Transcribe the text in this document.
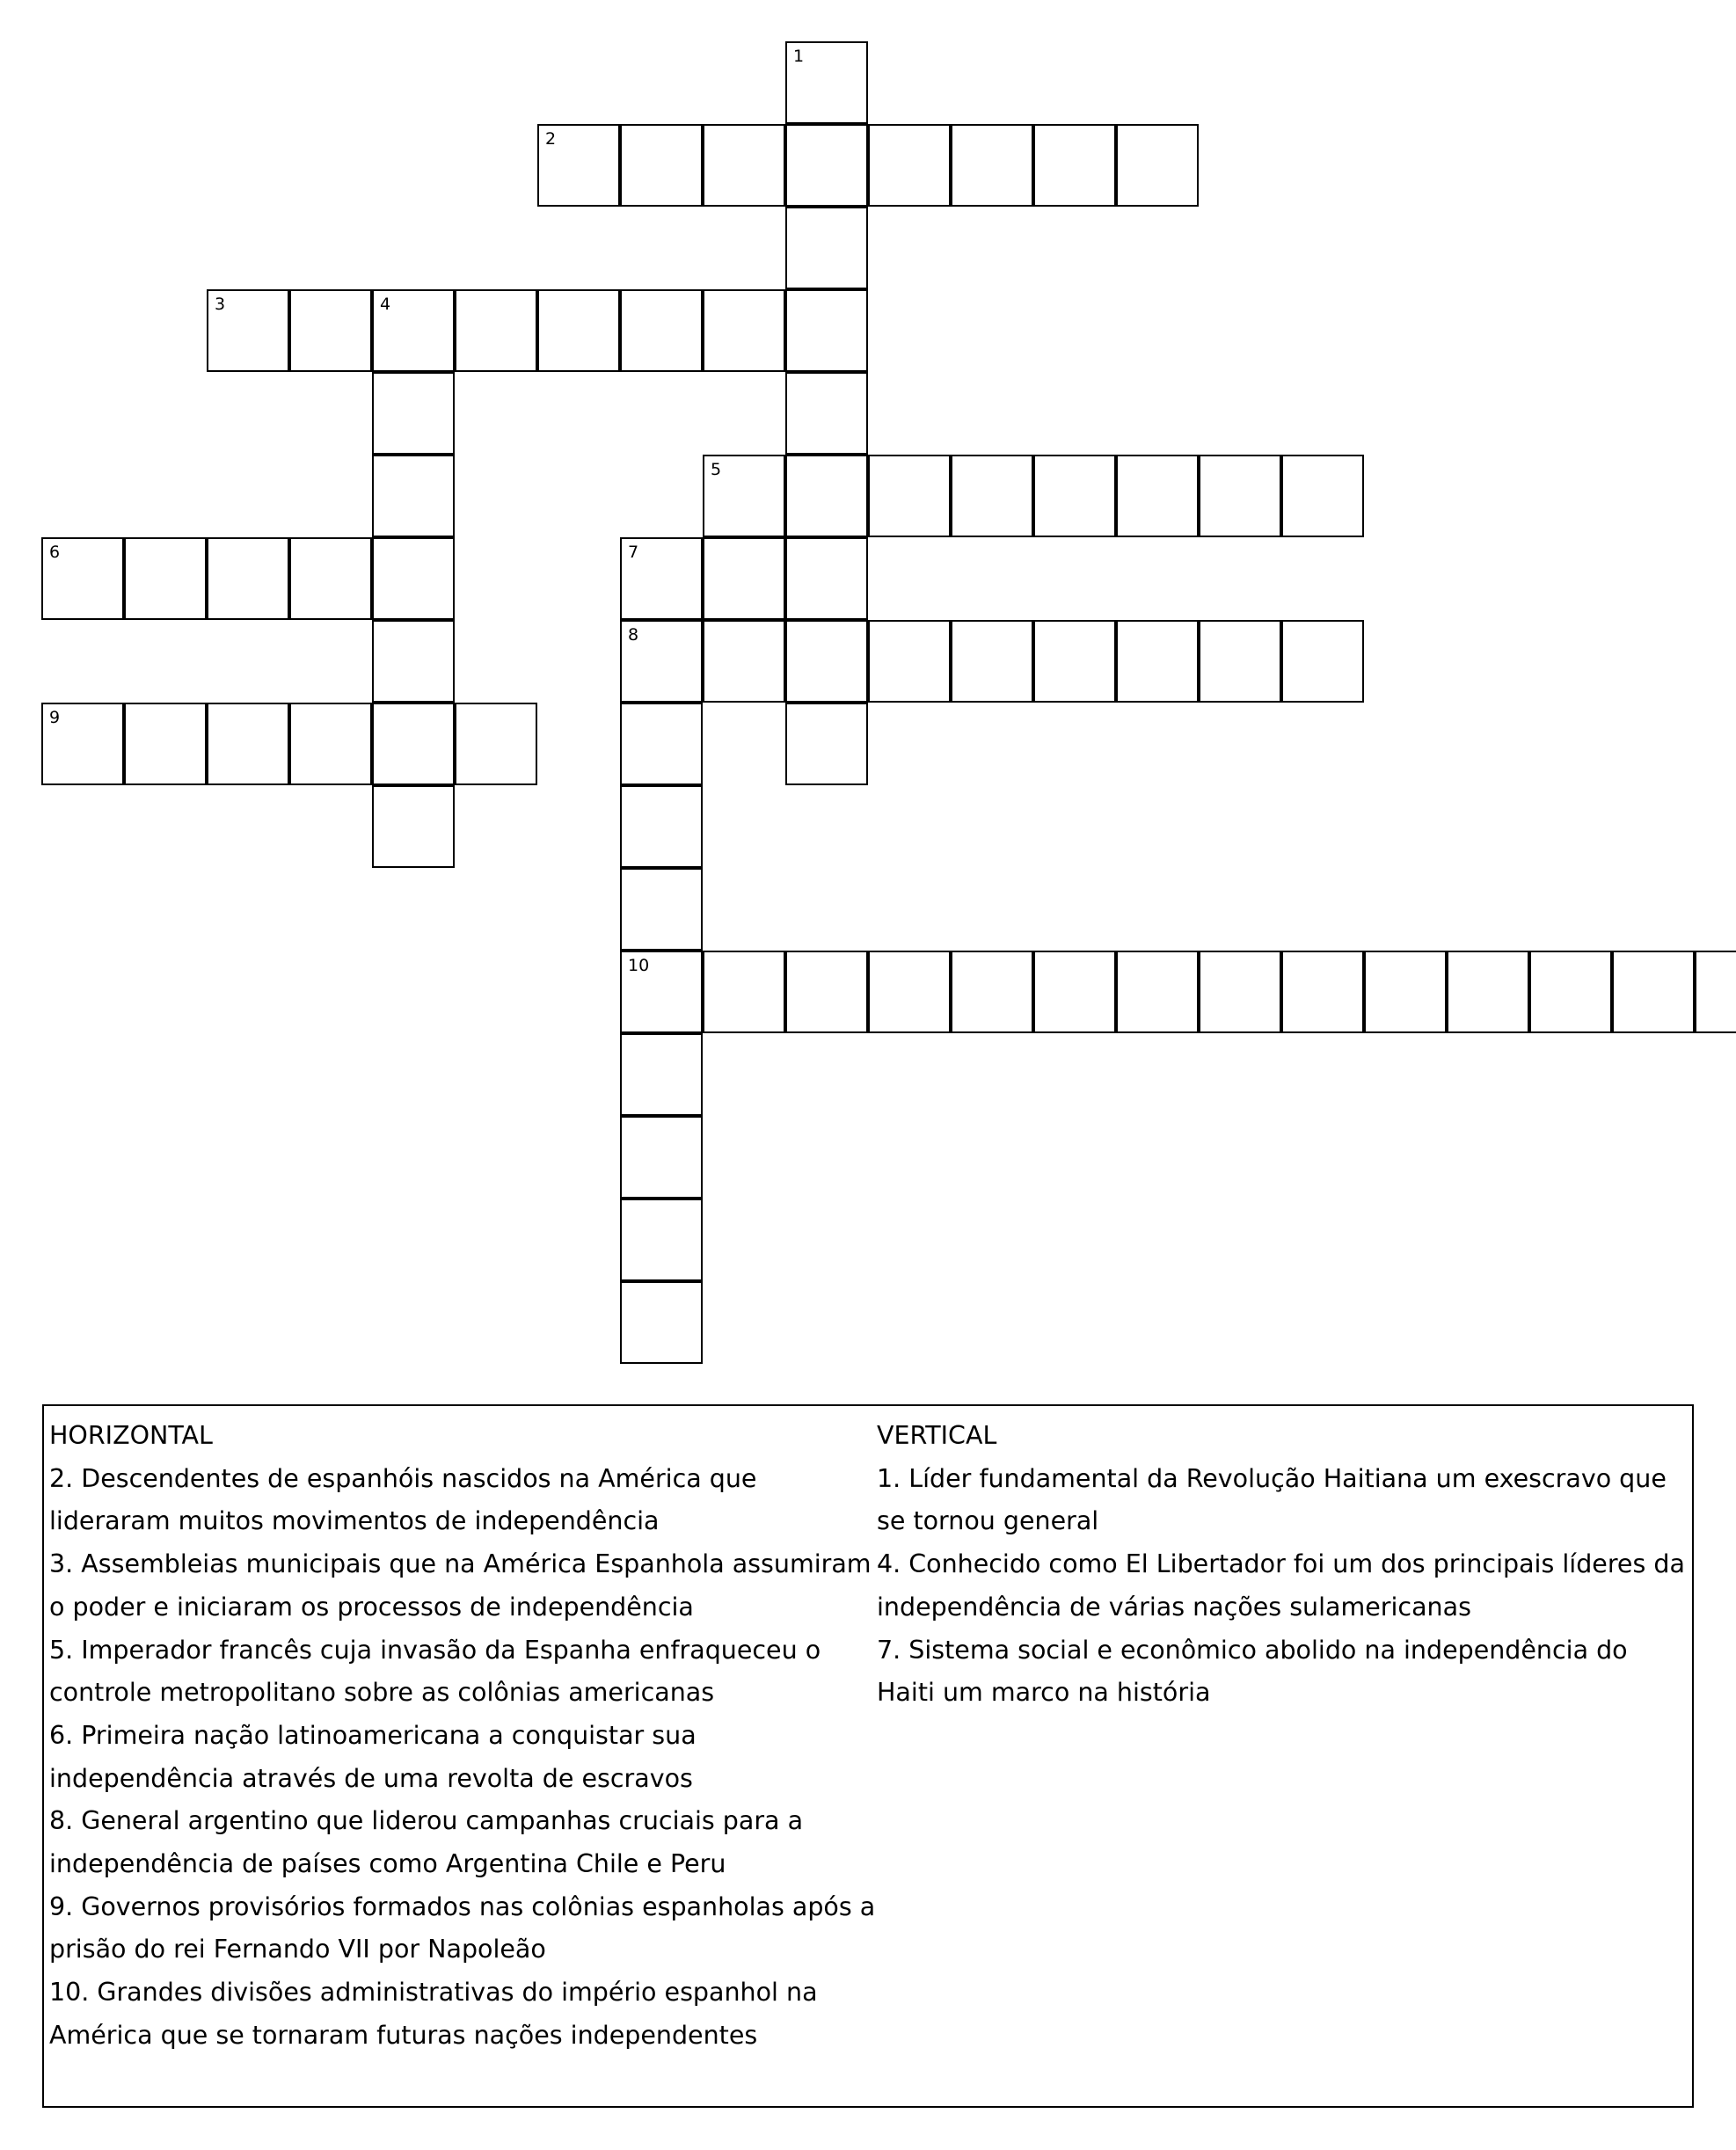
1
2
3	4
5
6	7
8
9
10

HORIZONTAL

2. Descendentes de espanhóis nascidos na América que lideraram muitos movimentos de independência

3. Assembleias municipais que na América Espanhola assumiram o poder e iniciaram os processos de independência

5. Imperador francês cuja invasão da Espanha enfraqueceu o controle metropolitano sobre as colônias americanas

6. Primeira nação latinoamericana a conquistar sua independência através de uma revolta de escravos

8. General argentino que liderou campanhas cruciais para a independência de países como Argentina Chile e Peru

9. Governos provisórios formados nas colônias espanholas após a prisão do rei Fernando VII por Napoleão

10. Grandes divisões administrativas do império espanhol na América que se tornaram futuras nações independentes

VERTICAL

1. Líder fundamental da Revolução Haitiana um exescravo que se tornou general

4. Conhecido como El Libertador foi um dos principais líderes da independência de várias nações sulamericanas

7. Sistema social e econômico abolido na independência do Haiti um marco na história
